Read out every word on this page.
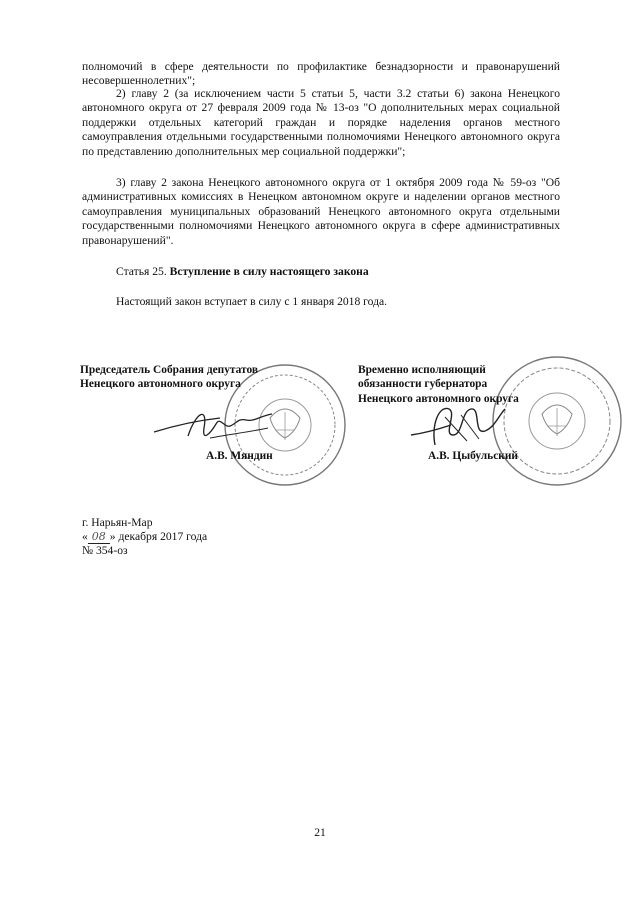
полномочий в сфере деятельности по профилактике безнадзорности и правонарушений несовершеннолетних";

2) главу 2 (за исключением части 5 статьи 5, части 3.2 статьи 6) закона Ненецкого автономного округа от 27 февраля 2009 года № 13-оз "О дополнительных мерах социальной поддержки отдельных категорий граждан и порядке наделения органов местного самоуправления отдельными государственными полномочиями Ненецкого автономного округа по представлению дополнительных мер социальной поддержки";

3) главу 2 закона Ненецкого автономного округа от 1 октября 2009 года № 59-оз "Об административных комиссиях в Ненецком автономном округе и наделении органов местного самоуправления муниципальных образований Ненецкого автономного округа отдельными государственными полномочиями Ненецкого автономного округа в сфере административных правонарушений".

Статья 25. Вступление в силу настоящего закона
Настоящий закон вступает в силу с 1 января 2018 года.
Председатель Собрания депутатов
Ненецкого автономного округа
Временно исполняющий
обязанности губернатора
Ненецкого автономного округа
А.В. Мяндин	А.В. Цыбульский
г. Нарьян-Мар
« 08 » декабря 2017 года
№ 354-оз
21
